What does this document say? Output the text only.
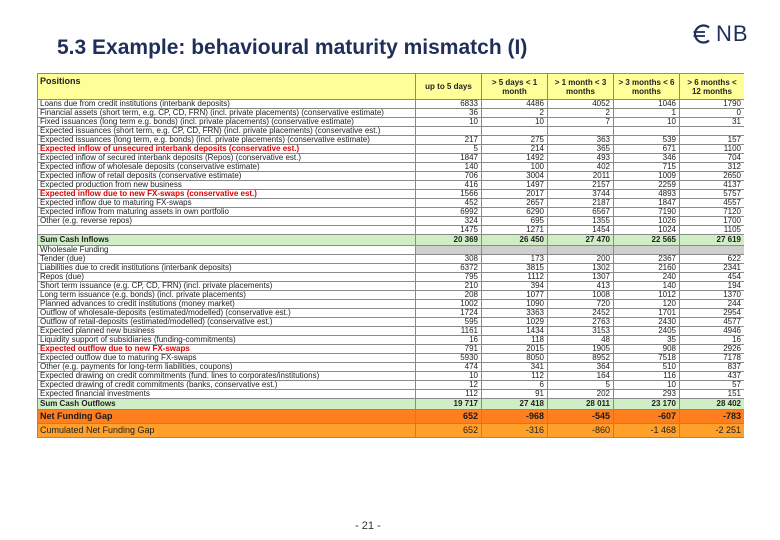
5.3 Example: behavioural maturity mismatch (I)
NB
Positions	up to 5 days	> 5 days < 1 month	> 1 month < 3 months	> 3 months < 6 months	> 6 months < 12 months
Loans due from credit institutions (interbank deposits)	6833	4486	4052	1046	1790
Financial assets (short term, e.g. CP, CD, FRN) (incl. private placements) (conservative estimate)	36	2	2	1	0
Fixed issuances (long term e.g. bonds) (incl. private placements) (conservative estimate)	10	10	7	10	31
Expected issuances (short term, e.g. CP, CD, FRN) (incl. private placements) (conservative est.)					
Expected issuances (long term, e.g. bonds) (incl. private placements) (conservative estimate)	217	275	363	539	157
Expected inflow of unsecured interbank deposits (conservative est.)	5	214	365	671	1100
Expected inflow of secured interbank deposits (Repos) (conservative est.)	1847	1492	493	346	704
Expected inflow of wholesale deposits (conservative estimate)	140	100	402	715	312
Expected inflow of retail deposits (conservative estimate)	706	3004	2011	1009	2650
Expected production from new business	416	1497	2157	2259	4137
Expected inflow due to new FX-swaps (conservative est.)	1566	2017	3744	4893	5757
Expected inflow due to maturing FX-swaps	452	2657	2187	1847	4557
Expected inflow from maturing assets in own portfolio	6992	6290	6567	7190	7120
Other (e.g. reverse repos)	324	695	1355	1026	1700
	1475	1271	1454	1024	1105
Sum Cash Inflows	20 369	26 450	27 470	22 565	27 619
Wholesale Funding					
Tender (due)	308	173	200	2367	622
Liabilities due to credit institutions (interbank deposits)	6372	3815	1302	2160	2341
Repos (due)	795	1112	1307	240	454
Short term issuance (e.g. CP, CD, FRN) (incl. private placements)	210	394	413	140	194
Long term issuance (e.g. bonds) (incl. private placements)	208	1077	1008	1012	1370
Planned advances to credit institutions (money market)	1002	1090	720	120	244
Outflow of wholesale-deposits (estimated/modelled) (conservative est.)	1724	3363	2452	1701	2954
Outflow of retail-deposits (estimated/modelled) (conservative est.)	595	1029	2763	2430	4577
Expected planned new business	1161	1434	3153	2405	4946
Liquidity support of subsidiaries (funding-commitments)	16	118	48	35	16
Expected outflow due to new FX-swaps	791	2015	1905	908	2926
Expected outflow due to maturing FX-swaps	5930	8050	8952	7518	7178
Other (e.g. payments for long-term liabilities, coupons)	474	341	364	510	837
Expected drawing on credit commitments (fund. lines to corporates/institutions)	10	112	164	116	437
Expected drawing of credit commitments (banks, conservative est.)	12	6	5	10	57
Expected financial investments	112	91	202	293	151
Sum Cash Outflows	19 717	27 418	28 011	23 170	28 402
Net Funding Gap	652	-968	-545	-607	-783
Cumulated Net Funding Gap	652	-316	-860	-1 468	-2 251
- 21 -
